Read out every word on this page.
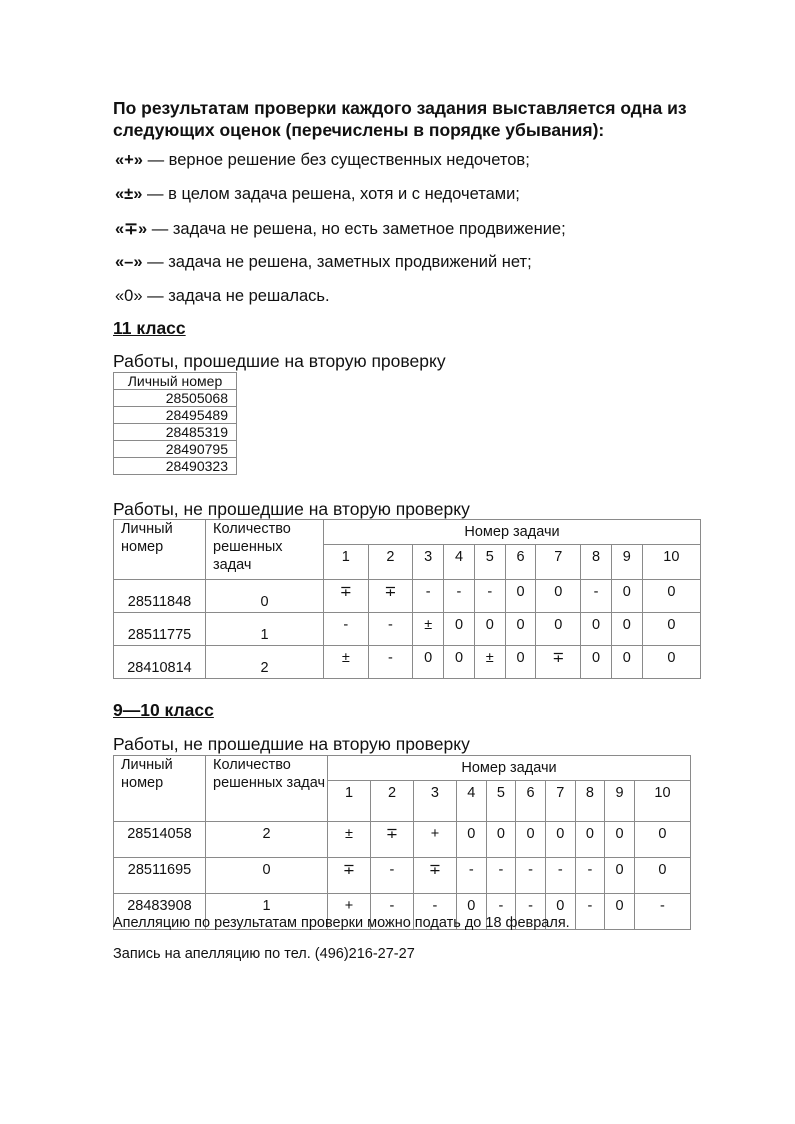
По результатам проверки каждого задания выставляется одна из следующих оценок (перечислены в порядке убывания):
«+» — верное решение без существенных недочетов;
«±» — в целом задача решена, хотя и с недочетами;
«∓» — задача не решена, но есть заметное продвижение;
«–» — задача не решена, заметных продвижений нет;
«0» — задача не решалась.
11 класс
Работы, прошедшие на вторую проверку
Личный номер
28505068
28495489
28485319
28490795
28490323
Работы, не прошедшие на вторую проверку
Личный номер	Количество решенных задач	Номер задачи									
		1	2	3	4	5	6	7	8	9	10
28511848	0	∓	∓	-	-	-	0	0	-	0	0
28511775	1	-	-	±	0	0	0	0	0	0	0
28410814	2	±	-	0	0	±	0	∓	0	0	0
9—10 класс
Работы, не прошедшие на вторую проверку
Личный номер	Количество решенных задач	Номер задачи									
		1	2	3	4	5	6	7	8	9	10
28514058	2	±	∓	+	0	0	0	0	0	0	0
28511695	0	∓	-	∓	-	-	-	-	-	0	0
28483908	1	+	-	-	0	-	-	0	-	0	-
Апелляцию по результатам проверки можно подать до 18 февраля.
Запись на апелляцию по тел. (496)216-27-27
